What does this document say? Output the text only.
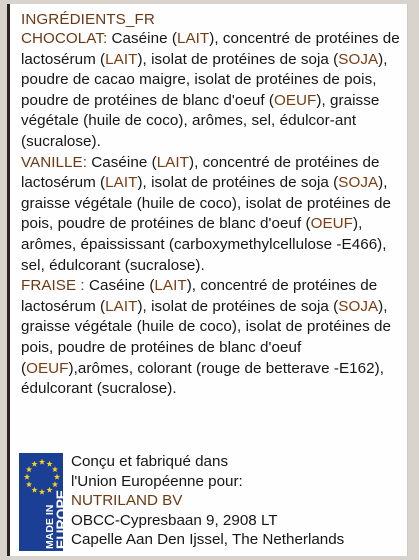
INGRÉDIENTS_FR
CHOCOLAT: Caséine (LAIT), concentré de protéines de lactosérum (LAIT), isolat de protéines de soja (SOJA), poudre de cacao maigre, isolat de protéines de pois, poudre de protéines de blanc d'oeuf (OEUF), graisse végétale (huile de coco), arômes, sel, édulcor-ant (sucralose).
VANILLE: Caséine (LAIT), concentré de protéines de lactosérum (LAIT), isolat de protéines de soja (SOJA), graisse végétale (huile de coco), isolat de protéines de pois, poudre de protéines de blanc d'oeuf (OEUF), arômes, épaississant (carboxymethylcellulose -E466), sel, édulcorant (sucralose).
FRAISE : Caséine (LAIT), concentré de protéines de lactosérum (LAIT), isolat de protéines de soja (SOJA), graisse végétale (huile de coco), isolat de protéines de pois, poudre de protéines de blanc d'oeuf (OEUF),arômes, colorant (rouge de betterave -E162), édulcorant (sucralose).
MADE IN
EUROPE
Conçu et fabriqué dans
l'Union Européenne pour:
NUTRILAND BV
OBCC-Cypresbaan 9, 2908 LT
Capelle Aan Den Ijssel, The Netherlands
